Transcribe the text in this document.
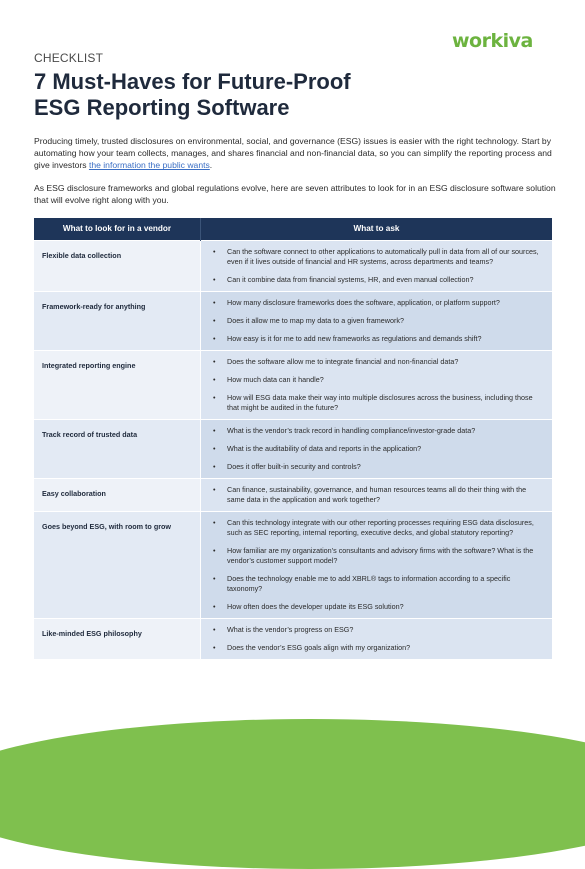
workiva
CHECKLIST
7 Must-Haves for Future-Proof
ESG Reporting Software
Producing timely, trusted disclosures on environmental, social, and governance (ESG) issues is easier with the right technology. Start by automating how your team collects, manages, and shares financial and non-financial data, so you can simplify the reporting process and give investors the information the public wants.
As ESG disclosure frameworks and global regulations evolve, here are seven attributes to look for in an ESG disclosure software solution that will evolve right along with you.
What to look for in a vendor	What to ask
Flexible data collection	• Can the software connect to other applications to automatically pull in data from all of our sources, even if it lives outside of financial and HR systems, across departments and teams?

• Can it combine data from financial systems, HR, and even manual collection?

Framework-ready for anything	• How many disclosure frameworks does the software, application, or platform support?

• Does it allow me to map my data to a given framework?

• How easy is it for me to add new frameworks as regulations and demands shift?

Integrated reporting engine	• Does the software allow me to integrate financial and non-financial data?

• How much data can it handle?

• How will ESG data make their way into multiple disclosures across the business, including those that might be audited in the future?

Track record of trusted data	• What is the vendor’s track record in handling compliance/investor-grade data?

• What is the auditability of data and reports in the application?

• Does it offer built-in security and controls?

Easy collaboration	• Can finance, sustainability, governance, and human resources teams all do their thing with the same data in the application and work together?

Goes beyond ESG, with room to grow	• Can this technology integrate with our other reporting processes requiring ESG data disclosures, such as SEC reporting, internal reporting, executive decks, and global statutory reporting?

• How familiar are my organization’s consultants and advisory firms with the software? What is the vendor’s customer support model?

• Does the technology enable me to add XBRL® tags to information according to a specific taxonomy?

• How often does the developer update its ESG solution?

Like-minded ESG philosophy	• What is the vendor’s progress on ESG?

• Does the vendor’s ESG goals align with my organization?
